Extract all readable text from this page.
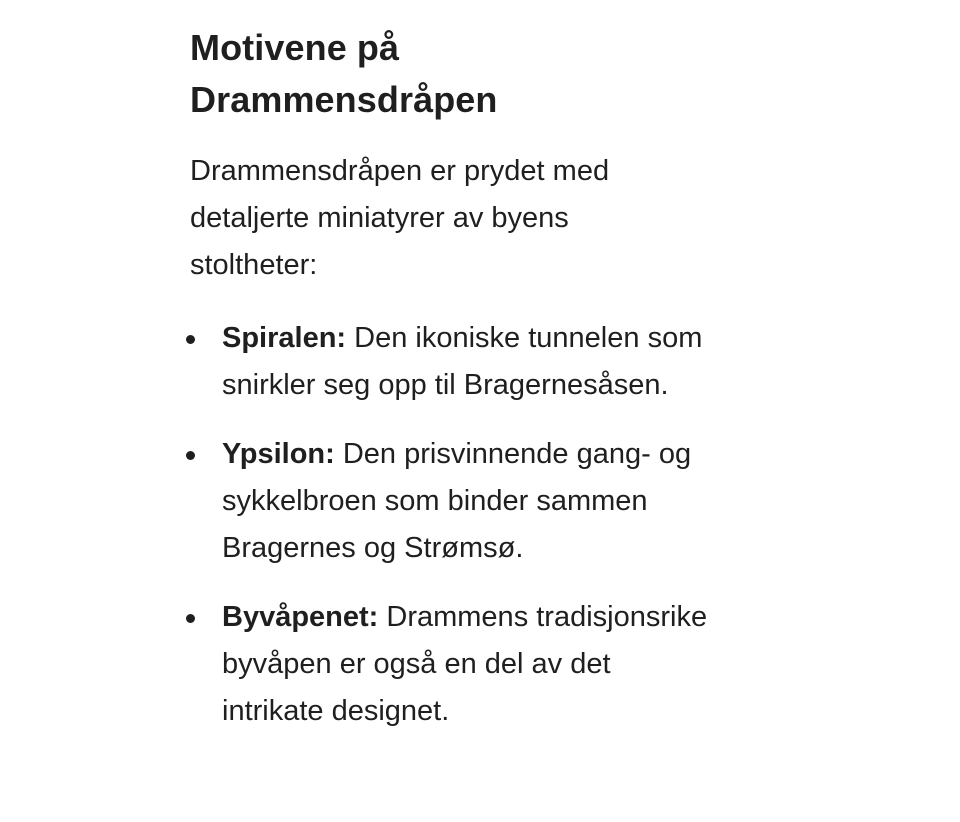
Motivene på Drammensdråpen

Drammensdråpen er prydet med detaljerte miniatyrer av byens stoltheter:

Spiralen: Den ikoniske tunnelen som snirkler seg opp til Bragernesåsen.
Ypsilon: Den prisvinnende gang- og sykkelbroen som binder sammen Bragernes og Strømsø.
Byvåpenet: Drammens tradisjonsrike byvåpen er også en del av det intrikate designet.
